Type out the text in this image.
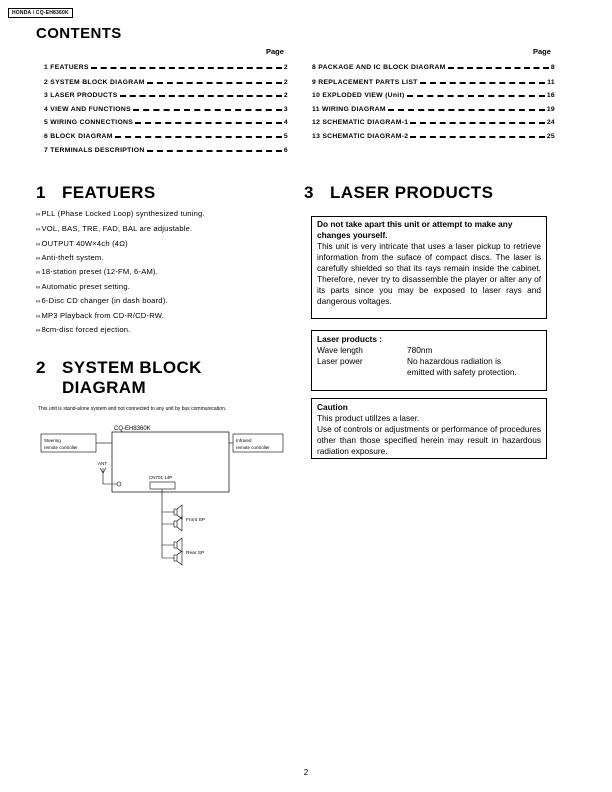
HONDA / CQ-EH8360K
CONTENTS
Page	Page
1 FEATUERS	2
2 SYSTEM BLOCK DIAGRAM	2
3 LASER PRODUCTS	2
4 VIEW AND FUNCTIONS	3
5 WIRING CONNECTIONS	4
6 BLOCK DIAGRAM	5
7 TERMINALS DESCRIPTION	6
8 PACKAGE AND IC BLOCK DIAGRAM	8
9 REPLACEMENT PARTS LIST	11
10 EXPLODED VIEW (Unit)	16
11 WIRING DIAGRAM	19
12 SCHEMATIC DIAGRAM-1	24
13 SCHEMATIC DIAGRAM-2	25
1 FEATUERS
∞PLL (Phase Locked Loop) synthesized tuning.
∞VOL, BAS, TRE, FAD, BAL are adjustable.
∞OUTPUT 40W×4ch (4Ω)
∞Anti-theft system.
∞18-station preset (12-FM, 6-AM).
∞Automatic preset setting.
∞6-Disc CD changer (in dash board).
∞MP3 Playback from CD-R/CD-RW.
∞8cm-disc forced ejection.
2 SYSTEM BLOCK
DIAGRAM
This unit is stand-alone system and not connected to any unit by bus communication.
CQ-EH8360K
Steering
remote controller
Infrared
remote controller
ANT
CN701 14P
Front SP
Rear SP
3 LASER PRODUCTS

Do not take apart this unit or attempt to make any changes yourself.

This unit is very intricate that uses a laser pickup to retrieve information from the suface of compact discs. The laser is carefully shielded so that its rays remain inside the cabinet. Therefore, never try to disassemble the player or alter any of its parts since you may be exposed to laser rays and dangerous voltages.

Laser products :
Wave length	780nm
Laser power	No hazardous radiation is
emitted with safety protection.
Caution

This product utillzes a laser.

Use of controls or adjustments or performance of procedures other than those specified herein may result in hazardous radiation exposure.

2
